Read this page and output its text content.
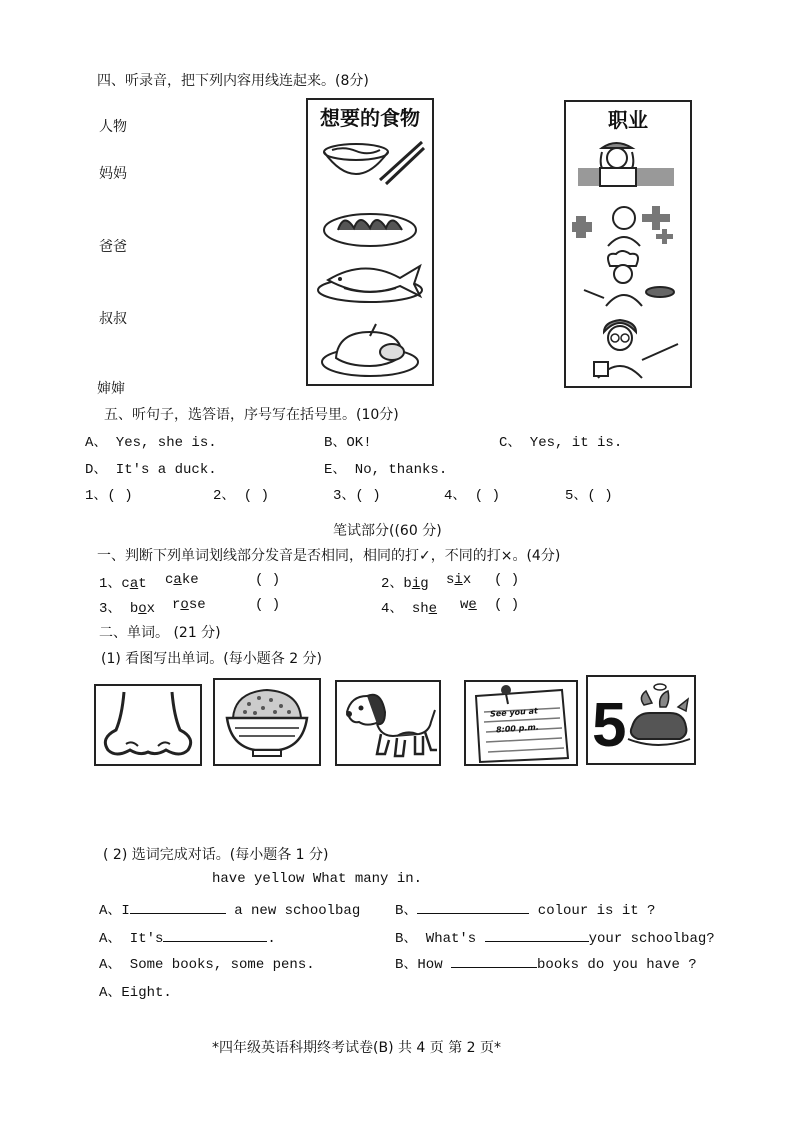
四、听录音，把下列内容用线连起来。(8分)
人物
妈妈
爸爸
叔叔
婶婶
想要的食物	职业
五、听句子，选答语，序号写在括号里。(10分)
A、 Yes, she is.	B、OK!	C、 Yes, it is.
D、 It's a duck.	E、 No, thanks.
1、( )	2、 ( )	3、( )	4、 ( )	5、( )
笔试部分((60 分)
一、判断下列单词划线部分发音是否相同，相同的打✓，不同的打×。(4分)
1、cat cake	( )	2、big six ( )
3、 box rose	( )	4、 she we ( )
二、单词。 (21 分)
(1) 看图写出单词。(每小题各 2 分)
See you at
8:00 p.m. 5
( 2) 选词完成对话。(每小题各 1 分)
have yellow What many in.
A、I	a new schoolbag B、	colour is it ?
A、 It's	.	B、 What's	your schoolbag?
A、 Some books, some pens.	B、How	books do you have ?
A、Eight.
*四年级英语科期终考试卷(B) 共 4 页 第 2 页*
